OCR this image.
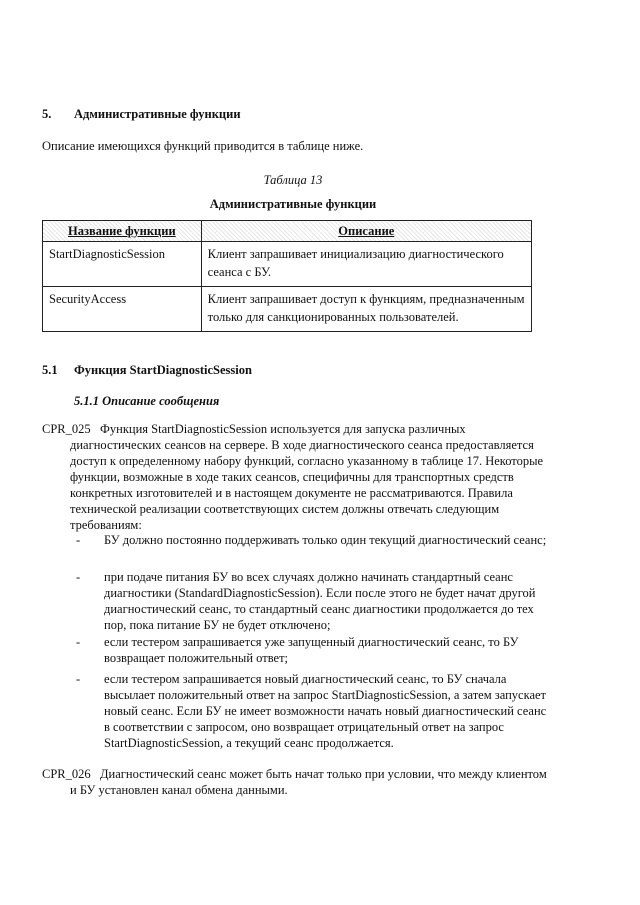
5. Административные функции
Описание имеющихся функций приводится в таблице ниже.
Таблица 13
Административные функции
Название функции	Описание
StartDiagnosticSession	Клиент запрашивает инициализацию диагностического сеанса с БУ.
SecurityAccess	Клиент запрашивает доступ к функциям, предназначенным только для санкционированных пользователей.
5.1 Функция StartDiagnosticSession
5.1.1 Описание сообщения
CPR_025 Функция StartDiagnosticSession используется для запуска различных диагностических сеансов на сервере. В ходе диагностического сеанса предоставляется доступ к определенному набору функций, согласно указанному в таблице 17. Некоторые функции, возможные в ходе таких сеансов, специфичны для транспортных средств конкретных изготовителей и в настоящем документе не рассматриваются. Правила технической реализации соответствующих систем должны отвечать следующим требованиям:
- БУ должно постоянно поддерживать только один текущий диагностический сеанс;
- при подаче питания БУ во всех случаях должно начинать стандартный сеанс диагностики (StandardDiagnosticSession). Если после этого не будет начат другой диагностический сеанс, то стандартный сеанс диагностики продолжается до тех пор, пока питание БУ не будет отключено;
- если тестером запрашивается уже запущенный диагностический сеанс, то БУ возвращает положительный ответ;
- если тестером запрашивается новый диагностический сеанс, то БУ сначала высылает положительный ответ на запрос StartDiagnosticSession, а затем запускает новый сеанс. Если БУ не имеет возможности начать новый диагностический сеанс в соответствии с запросом, оно возвращает отрицательный ответ на запрос StartDiagnosticSession, а текущий сеанс продолжается.
CPR_026 Диагностический сеанс может быть начат только при условии, что между клиентом и БУ установлен канал обмена данными.
